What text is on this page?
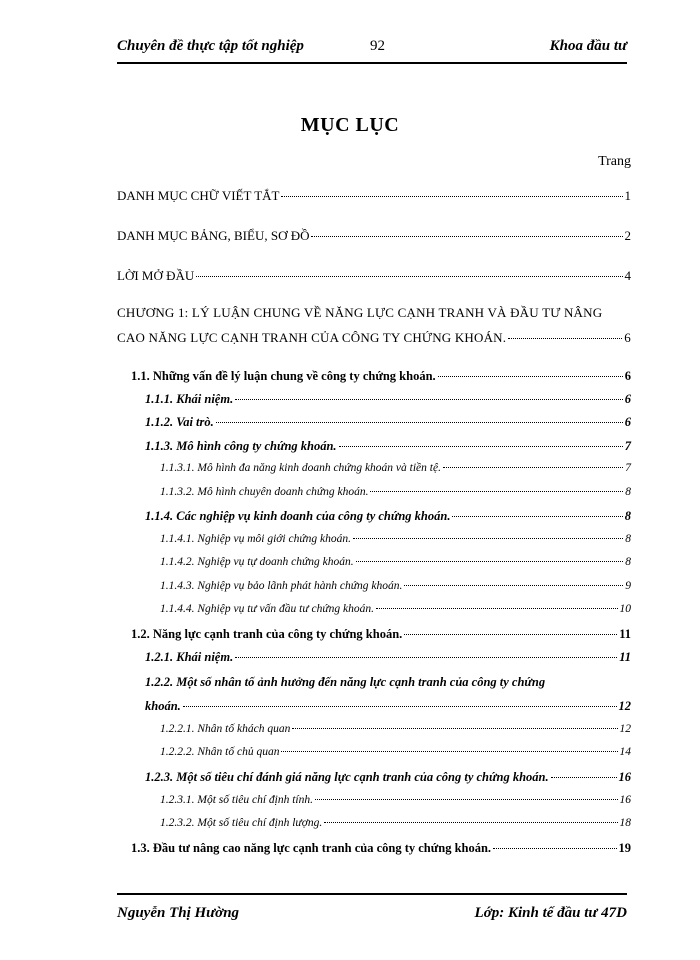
Chuyên đề thực tập tốt nghiệp	92	Khoa đầu tư
MỤC LỤC
Trang
DANH MỤC CHỮ VIẾT TẮT	1
DANH MỤC BẢNG, BIỂU, SƠ ĐỒ	2
LỜI MỞ ĐẦU	4
CHƯƠNG 1: LÝ LUẬN CHUNG VỀ NĂNG LỰC CẠNH TRANH VÀ ĐẦU TƯ NÂNG
CAO NĂNG LỰC CẠNH TRANH CỦA CÔNG TY CHỨNG KHOÁN.	6
1.1. Những vấn đề lý luận chung về công ty chứng khoán.	6
1.1.1. Khái niệm.	6
1.1.2. Vai trò.	6
1.1.3. Mô hình công ty chứng khoán.	7
1.1.3.1. Mô hình đa năng kinh doanh chứng khoán và tiền tệ.	7
1.1.3.2. Mô hình chuyên doanh chứng khoán.	8
1.1.4. Các nghiệp vụ kinh doanh của công ty chứng khoán.	8
1.1.4.1. Nghiệp vụ môi giới chứng khoán.	8
1.1.4.2. Nghiệp vụ tự doanh chứng khoán.	8
1.1.4.3. Nghiệp vụ bảo lãnh phát hành chứng khoán.	9
1.1.4.4. Nghiệp vụ tư vấn đầu tư chứng khoán.	10
1.2. Năng lực cạnh tranh của công ty chứng khoán.	11
1.2.1. Khái niệm.	11
1.2.2. Một số nhân tố ảnh hưởng đến năng lực cạnh tranh của công ty chứng
khoán.	12
1.2.2.1. Nhân tố khách quan	12
1.2.2.2. Nhân tố chủ quan	14
1.2.3. Một số tiêu chí đánh giá năng lực cạnh tranh của công ty chứng khoán.	16
1.2.3.1. Một số tiêu chí định tính.	16
1.2.3.2. Một số tiêu chí định lượng.	18
1.3. Đầu tư nâng cao năng lực cạnh tranh của công ty chứng khoán.	19
Nguyễn Thị Hường	Lớp: Kinh tế đầu tư 47D
